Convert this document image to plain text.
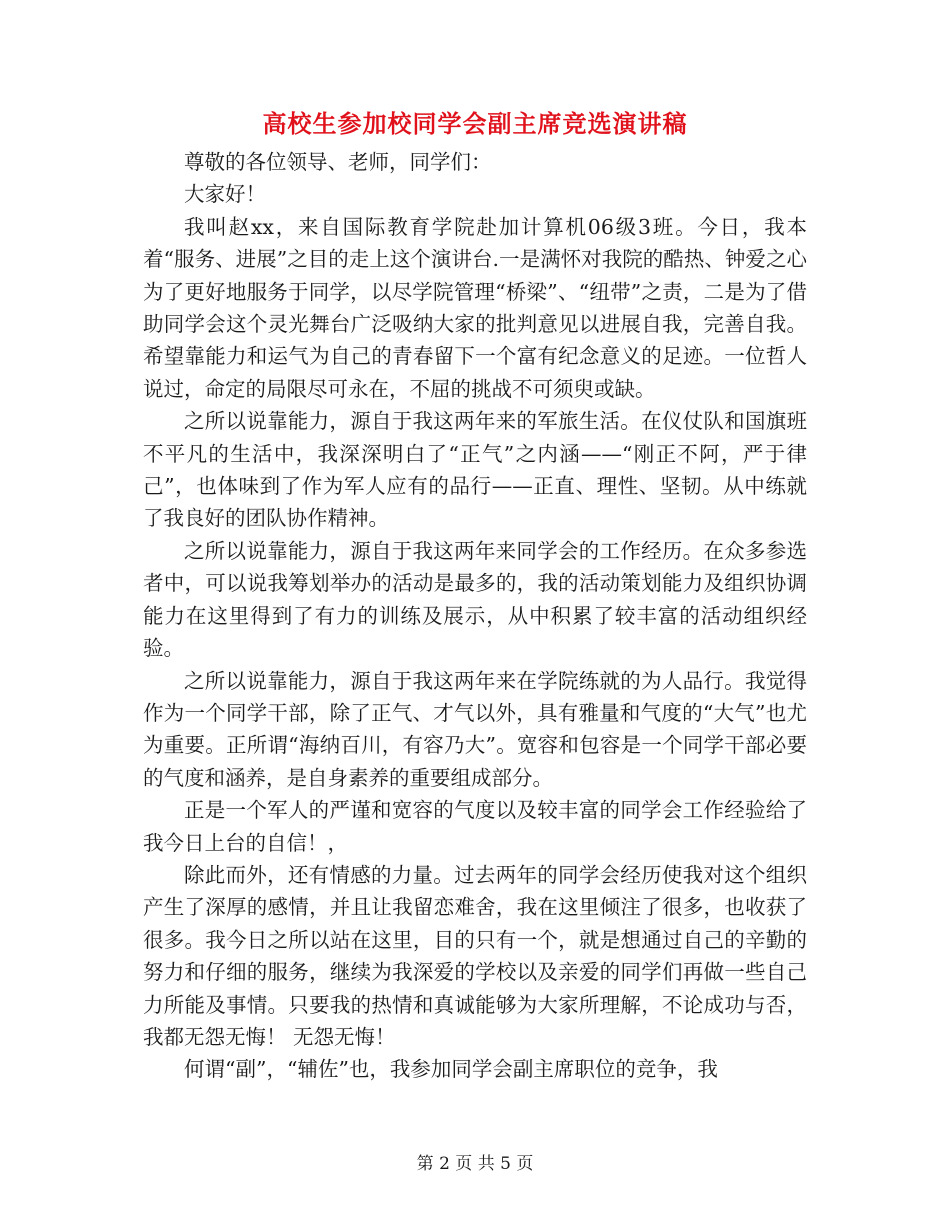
高校生参加校同学会副主席竞选演讲稿

尊敬的各位领导、老师，同学们：

大家好！

我叫赵xx，来自国际教育学院赴加计算机06级3班。今日，我本着“服务、进展”之目的走上这个演讲台.一是满怀对我院的酷热、钟爱之心为了更好地服务于同学，以尽学院管理“桥梁”、“纽带”之责，二是为了借助同学会这个灵光舞台广泛吸纳大家的批判意见以进展自我，完善自我。希望靠能力和运气为自己的青春留下一个富有纪念意义的足迹。一位哲人说过，命定的局限尽可永在，不屈的挑战不可须臾或缺。

之所以说靠能力，源自于我这两年来的军旅生活。在仪仗队和国旗班不平凡的生活中，我深深明白了“正气”之内涵——“刚正不阿，严于律己”，也体味到了作为军人应有的品行——正直、理性、坚韧。从中练就了我良好的团队协作精神。

之所以说靠能力，源自于我这两年来同学会的工作经历。在众多参选者中，可以说我筹划举办的活动是最多的，我的活动策划能力及组织协调能力在这里得到了有力的训练及展示，从中积累了较丰富的活动组织经验。

之所以说靠能力，源自于我这两年来在学院练就的为人品行。我觉得作为一个同学干部，除了正气、才气以外，具有雅量和气度的“大气”也尤为重要。正所谓“海纳百川，有容乃大”。宽容和包容是一个同学干部必要的气度和涵养，是自身素养的重要组成部分。

正是一个军人的严谨和宽容的气度以及较丰富的同学会工作经验给了我今日上台的自信！，

除此而外，还有情感的力量。过去两年的同学会经历使我对这个组织产生了深厚的感情，并且让我留恋难舍，我在这里倾注了很多，也收获了很多。我今日之所以站在这里，目的只有一个，就是想通过自己的辛勤的努力和仔细的服务，继续为我深爱的学校以及亲爱的同学们再做一些自己力所能及事情。只要我的热情和真诚能够为大家所理解，不论成功与否，我都无怨无悔！ 无怨无悔！

何谓“副”，“辅佐”也，我参加同学会副主席职位的竞争，我

第 2 页 共 5 页
